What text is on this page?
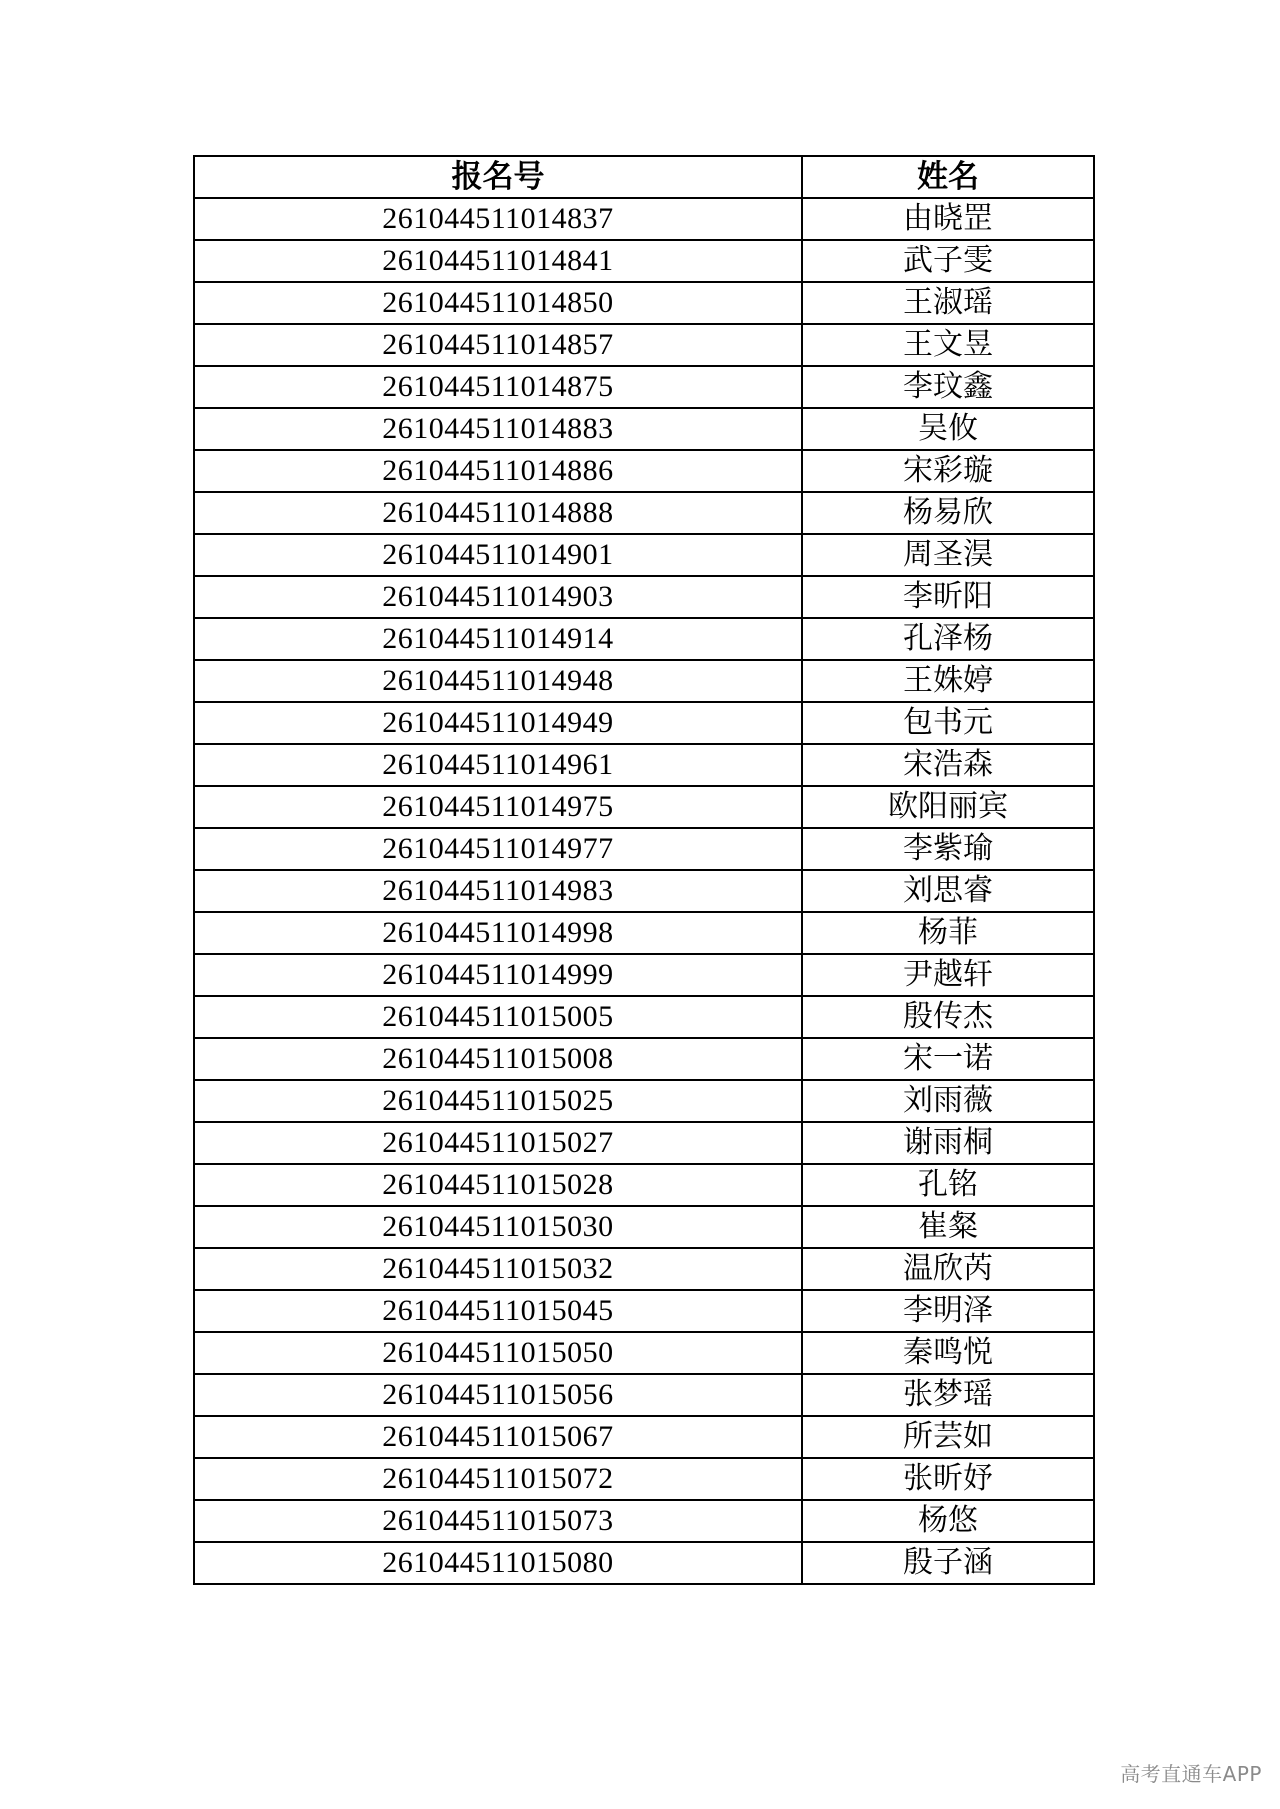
报名号	姓名
261044511014837	由晓罡
261044511014841	武子雯
261044511014850	王淑瑶
261044511014857	王文昱
261044511014875	李玟鑫
261044511014883	吴攸
261044511014886	宋彩璇
261044511014888	杨易欣
261044511014901	周圣淏
261044511014903	李昕阳
261044511014914	孔泽杨
261044511014948	王姝婷
261044511014949	包书元
261044511014961	宋浩森
261044511014975	欧阳丽宾
261044511014977	李紫瑜
261044511014983	刘思睿
261044511014998	杨菲
261044511014999	尹越轩
261044511015005	殷传杰
261044511015008	宋一诺
261044511015025	刘雨薇
261044511015027	谢雨桐
261044511015028	孔铭
261044511015030	崔粲
261044511015032	温欣芮
261044511015045	李明泽
261044511015050	秦鸣悦
261044511015056	张梦瑶
261044511015067	所芸如
261044511015072	张昕妤
261044511015073	杨悠
261044511015080	殷子涵
高考直通车APP
